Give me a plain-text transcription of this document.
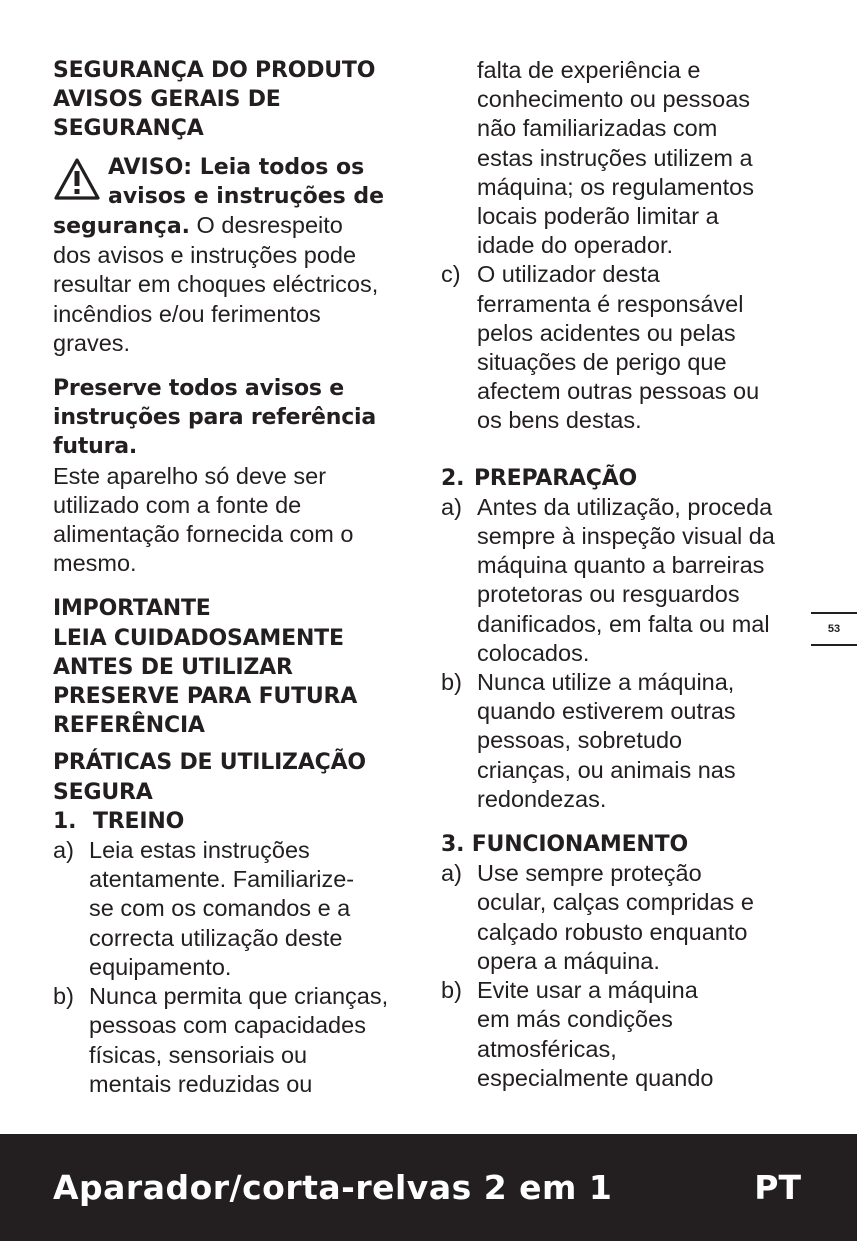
SEGURANÇA DO PRODUTO
AVISOS GERAIS DE
SEGURANÇA
AVISO: Leia todos os
avisos e instruções de
segurança. O desrespeito
dos avisos e instruções pode
resultar em choques eléctricos,
incêndios e/ou ferimentos
graves.
Preserve todos avisos e
instruções para referência
futura.
Este aparelho só deve ser
utilizado com a fonte de
alimentação fornecida com o
mesmo.
IMPORTANTE
LEIA CUIDADOSAMENTE
ANTES DE UTILIZAR
PRESERVE PARA FUTURA
REFERÊNCIA
PRÁTICAS DE UTILIZAÇÃO
SEGURA
1. TREINO
a) Leia estas instruções
atentamente. Familiarize-
se com os comandos e a
correcta utilização deste
equipamento.
b) Nunca permita que crianças,
pessoas com capacidades
físicas, sensoriais ou
mentais reduzidas ou
falta de experiência e
conhecimento ou pessoas
não familiarizadas com
estas instruções utilizem a
máquina; os regulamentos
locais poderão limitar a
idade do operador.
c) O utilizador desta
ferramenta é responsável
pelos acidentes ou pelas
situações de perigo que
afectem outras pessoas ou
os bens destas.
2. PREPARAÇÃO
a) Antes da utilização, proceda
sempre à inspeção visual da
máquina quanto a barreiras
protetoras ou resguardos
danificados, em falta ou mal
colocados.
b) Nunca utilize a máquina,
quando estiverem outras
pessoas, sobretudo
crianças, ou animais nas
redondezas.
3. FUNCIONAMENTO
a) Use sempre proteção
ocular, calças compridas e
calçado robusto enquanto
opera a máquina.
b) Evite usar a máquina
em más condições
atmosféricas,
especialmente quando
53
Aparador/corta-relvas 2 em 1	PT
